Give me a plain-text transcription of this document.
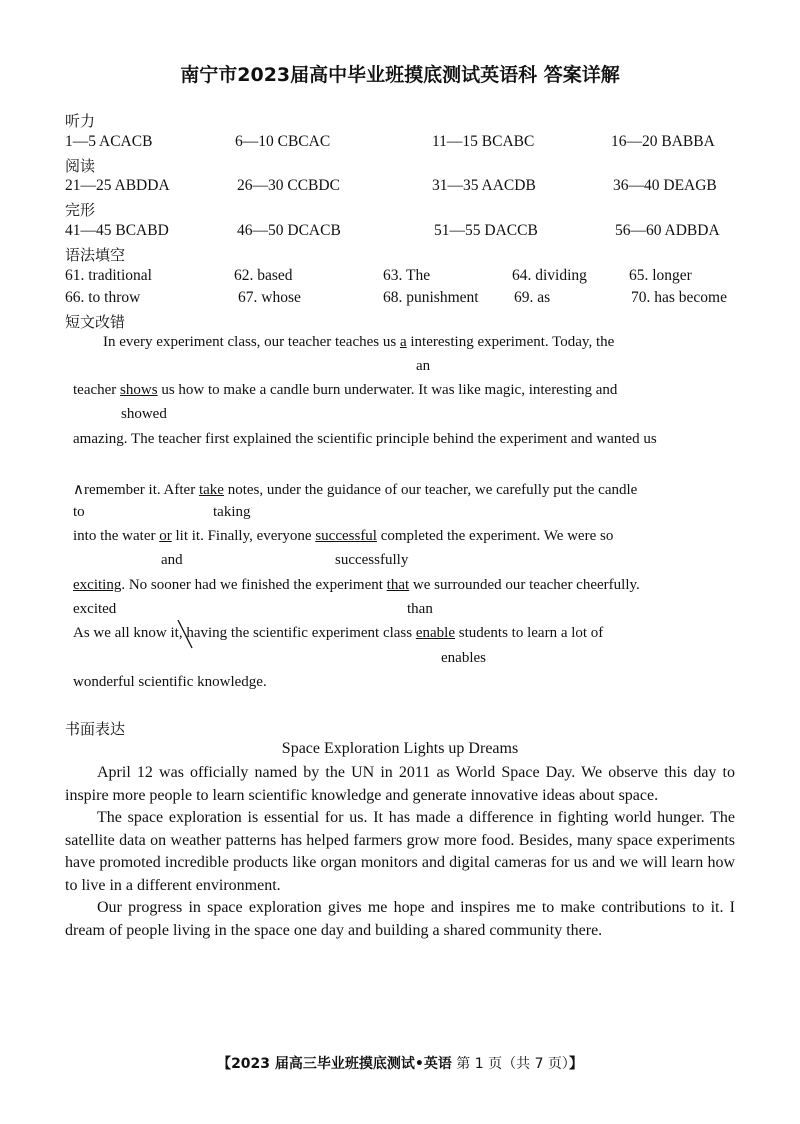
南宁市2023届高中毕业班摸底测试英语科 答案详解
听力
1—5 ACACB	6—10 CBCAC	11—15 BCABC	16—20 BABBA
阅读
21—25 ABDDA	26—30 CCBDC	31—35 AACDB	36—40 DEAGB
完形
41—45 BCABD	46—50 DCACB	51—55 DACCB	56—60 ADBDA
语法填空
61. traditional	62. based	63. The	64. dividing	65. longer
66. to throw	67. whose	68. punishment 69. as	70. has become
短文改错
In every experiment class, our teacher teaches us a interesting experiment. Today, the
an
teacher shows us how to make a candle burn underwater. It was like magic, interesting and
showed
amazing. The teacher first explained the scientific principle behind the experiment and wanted us
∧remember it. After take notes, under the guidance of our teacher, we carefully put the candle
to	taking
into the water or lit it. Finally, everyone successful completed the experiment. We were so
and	successfully
exciting. No sooner had we finished the experiment that we surrounded our teacher cheerfully.
excited	than
As we all know it, having the scientific experiment class enable students to learn a lot of
enables
wonderful scientific knowledge.
书面表达
Space Exploration Lights up Dreams

April 12 was officially named by the UN in 2011 as World Space Day. We observe this day to inspire more people to learn scientific knowledge and generate innovative ideas about space.

The space exploration is essential for us. It has made a difference in fighting world hunger. The satellite data on weather patterns has helped farmers grow more food. Besides, many space experiments have promoted incredible products like organ monitors and digital cameras for us and we will learn how to live in a different environment.

Our progress in space exploration gives me hope and inspires me to make contributions to it. I dream of people living in the space one day and building a shared community there.

【2023 届高三毕业班摸底测试•英语 第 1 页（共 7 页）】
